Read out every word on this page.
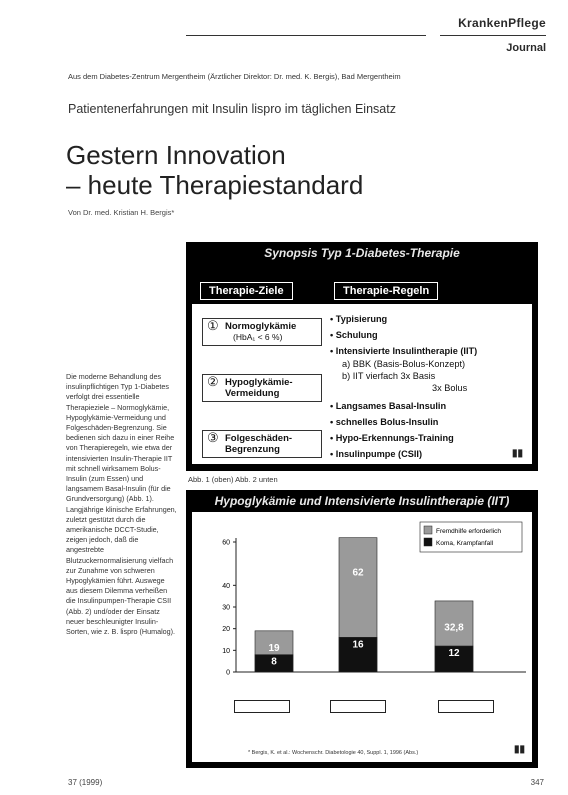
KrankenPflege
Journal
Aus dem Diabetes-Zentrum Mergentheim (Ärztlicher Direktor: Dr. med. K. Bergis), Bad Mergentheim
Patientenerfahrungen mit Insulin lispro im täglichen Einsatz
Gestern Innovation
– heute Therapiestandard
Von Dr. med. Kristian H. Bergis*
Die moderne Behandlung des insulinpflichtigen Typ 1-Diabetes verfolgt drei essentielle Therapieziele – Normoglykämie, Hypoglykämie-Vermeidung und Folgeschäden-Begrenzung. Sie bedienen sich dazu in einer Reihe von Therapieregeln, wie etwa der intensivierten Insulin-Therapie IIT mit schnell wirksamem Bolus-Insulin (zum Essen) und langsamem Basal-Insulin (für die Grundversorgung) (Abb. 1). Langjährige klinische Erfahrungen, zuletzt gestützt durch die amerikanische DCCT-Studie, zeigen jedoch, daß die angestrebte Blutzuckernormalisierung vielfach zur Zunahme von schweren Hypoglykämien führt. Auswege aus diesem Dilemma verheißen die Insulinpumpen-Therapie CSII (Abb. 2) und/oder der Einsatz neuer beschleunigter Insulin-Sorten, wie z. B. lispro (Humalog).
Synopsis Typ 1-Diabetes-Therapie
Therapie-Ziele	Therapie-Regeln
① Normoglykämie
(HbA₁ < 6 %)
② Hypoglykämie-
Vermeidung
③ Folgeschäden-
Begrenzung
• Typisierung
• Schulung
• Intensivierte Insulintherapie (IIT)
a) BBK (Basis-Bolus-Konzept)
b) IIT vierfach 3x Basis
3x Bolus
• Langsames Basal-Insulin
• schnelles Bolus-Insulin
• Hypo-Erkennungs-Training
• Insulinpumpe (CSII)	▮▮
Abb. 1 (oben) Abb. 2 unten
Hypoglykämie und Intensivierte Insulintherapie (IIT)
0
10
20
30
40
60
19
62
32,8
8
16
12
Fremdhilfe erforderlich
Koma, Krampfanfall
Hypo-Frequenz pro 100 Patientenjahre
DCCT – CT (n = 730) Conventionelle Therapie
DCCT – IIT (n = 711) Intensivierte Insulintherapie
Diabetes-Zentrum Mergentheim Insulinpumpe (CSII; n = 149)
HbA₁ 9,2 %	HbA₁ 7,3 %	HbA₁ 6,4 %
Fazit Intensivierung steigert Hypoglykämie-Risiko
Pumpe vermindert Hypoglykämie-Risiko
* Bergis, K. et al.: Wochenschr. Diabetologie 40, Suppl. 1, 1996 (Abs.)	▮▮
37 (1999)	347
